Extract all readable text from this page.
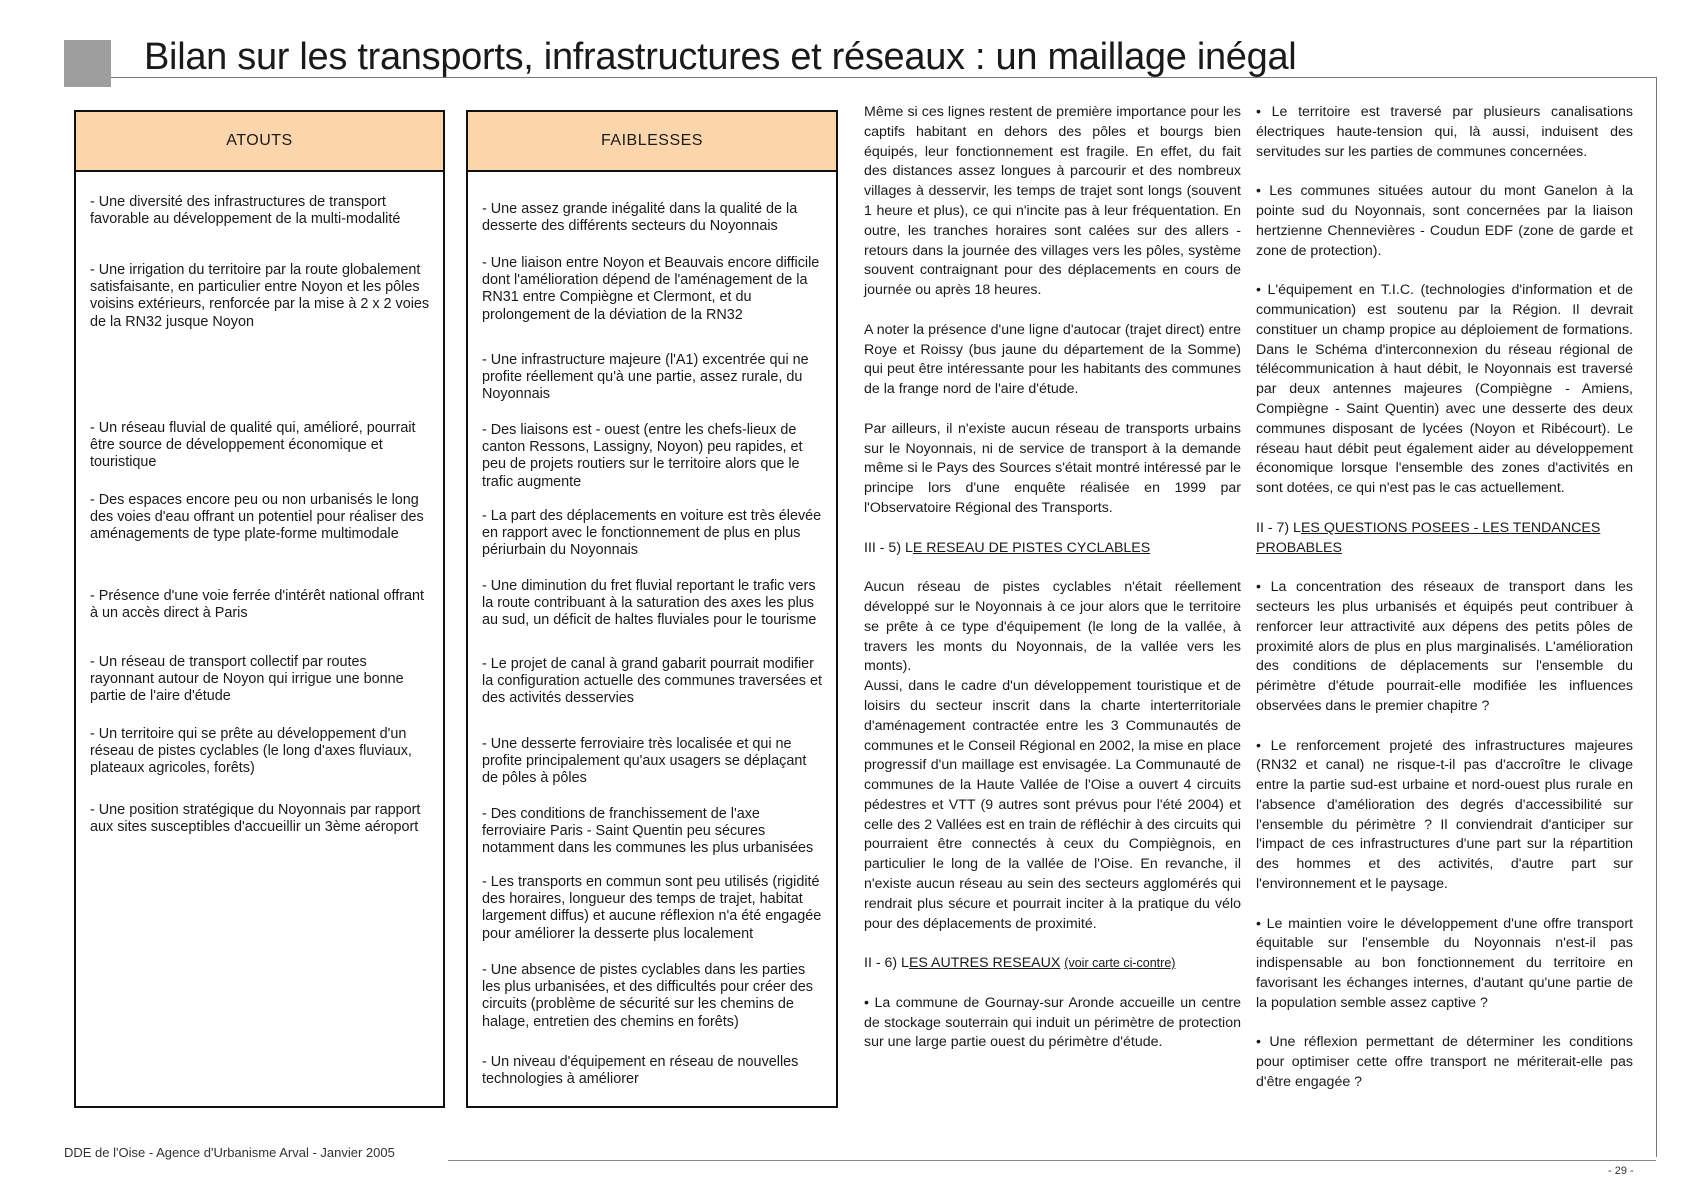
Bilan sur les transports, infrastructures et réseaux : un maillage inégal
ATOUTS

- Une diversité des infrastructures de transport favorable au développement de la multi-modalité

- Une irrigation du territoire par la route globalement satisfaisante, en particulier entre Noyon et les pôles voisins extérieurs, renforcée par la mise à 2 x 2 voies de la RN32 jusque Noyon

- Un réseau fluvial de qualité qui, amélioré, pourrait être source de développement économique et touristique

- Des espaces encore peu ou non urbanisés le long des voies d'eau offrant un potentiel pour réaliser des aménagements de type plate-forme multimodale

- Présence d'une voie ferrée d'intérêt national offrant à un accès direct à Paris

- Un réseau de transport collectif par routes rayonnant autour de Noyon qui irrigue une bonne partie de l'aire d'étude

- Un territoire qui se prête au développement d'un réseau de pistes cyclables (le long d'axes fluviaux, plateaux agricoles, forêts)

- Une position stratégique du Noyonnais par rapport aux sites susceptibles d'accueillir un 3ème aéroport

FAIBLESSES

- Une assez grande inégalité dans la qualité de la desserte des différents secteurs du Noyonnais

- Une liaison entre Noyon et Beauvais encore difficile dont l'amélioration dépend de l'aménagement de la RN31 entre Compiègne et Clermont, et du prolongement de la déviation de la RN32

- Une infrastructure majeure (l'A1) excentrée qui ne profite réellement qu'à une partie, assez rurale, du Noyonnais

- Des liaisons est - ouest (entre les chefs-lieux de canton Ressons, Lassigny, Noyon) peu rapides, et peu de projets routiers sur le territoire alors que le trafic augmente

- La part des déplacements en voiture est très élevée en rapport avec le fonctionnement de plus en plus périurbain du Noyonnais

- Une diminution du fret fluvial reportant le trafic vers la route contribuant à la saturation des axes les plus au sud, un déficit de haltes fluviales pour le tourisme

- Le projet de canal à grand gabarit pourrait modifier la configuration actuelle des communes traversées et des activités desservies

- Une desserte ferroviaire très localisée et qui ne profite principalement qu'aux usagers se déplaçant de pôles à pôles

- Des conditions de franchissement de l'axe ferroviaire Paris - Saint Quentin peu sécures notamment dans les communes les plus urbanisées

- Les transports en commun sont peu utilisés (rigidité des horaires, longueur des temps de trajet, habitat largement diffus) et aucune réflexion n'a été engagée pour améliorer la desserte plus localement

- Une absence de pistes cyclables dans les parties les plus urbanisées, et des difficultés pour créer des circuits (problème de sécurité sur les chemins de halage, entretien des chemins en forêts)

- Un niveau d'équipement en réseau de nouvelles technologies à améliorer

Même si ces lignes restent de première importance pour les captifs habitant en dehors des pôles et bourgs bien équipés, leur fonctionnement est fragile. En effet, du fait des distances assez longues à parcourir et des nombreux villages à desservir, les temps de trajet sont longs (souvent 1 heure et plus), ce qui n'incite pas à leur fréquentation. En outre, les tranches horaires sont calées sur des allers - retours dans la journée des villages vers les pôles, système souvent contraignant pour des déplacements en cours de journée ou après 18 heures.

A noter la présence d'une ligne d'autocar (trajet direct) entre Roye et Roissy (bus jaune du département de la Somme) qui peut être intéressante pour les habitants des communes de la frange nord de l'aire d'étude.

Par ailleurs, il n'existe aucun réseau de transports urbains sur le Noyonnais, ni de service de transport à la demande même si le Pays des Sources s'était montré intéressé par le principe lors d'une enquête réalisée en 1999 par l'Observatoire Régional des Transports.

III - 5) LE RESEAU DE PISTES CYCLABLES

Aucun réseau de pistes cyclables n'était réellement développé sur le Noyonnais à ce jour alors que le territoire se prête à ce type d'équipement (le long de la vallée, à travers les monts du Noyonnais, de la vallée vers les monts).

Aussi, dans le cadre d'un développement touristique et de loisirs du secteur inscrit dans la charte interterritoriale d'aménagement contractée entre les 3 Communautés de communes et le Conseil Régional en 2002, la mise en place progressif d'un maillage est envisagée. La Communauté de communes de la Haute Vallée de l'Oise a ouvert 4 circuits pédestres et VTT (9 autres sont prévus pour l'été 2004) et celle des 2 Vallées est en train de réfléchir à des circuits qui pourraient être connectés à ceux du Compiègnois, en particulier le long de la vallée de l'Oise. En revanche, il n'existe aucun réseau au sein des secteurs agglomérés qui rendrait plus sécure et pourrait inciter à la pratique du vélo pour des déplacements de proximité.

II - 6) LES AUTRES RESEAUX (voir carte ci-contre)

• La commune de Gournay-sur Aronde accueille un centre de stockage souterrain qui induit un périmètre de protection sur une large partie ouest du périmètre d'étude.

• Le territoire est traversé par plusieurs canalisations électriques haute-tension qui, là aussi, induisent des servitudes sur les parties de communes concernées.

• Les communes situées autour du mont Ganelon à la pointe sud du Noyonnais, sont concernées par la liaison hertzienne Chennevières - Coudun EDF (zone de garde et zone de protection).

• L'équipement en T.I.C. (technologies d'information et de communication) est soutenu par la Région. Il devrait constituer un champ propice au déploiement de formations. Dans le Schéma d'interconnexion du réseau régional de télécommunication à haut débit, le Noyonnais est traversé par deux antennes majeures (Compiègne - Amiens, Compiègne - Saint Quentin) avec une desserte des deux communes disposant de lycées (Noyon et Ribécourt). Le réseau haut débit peut également aider au développement économique lorsque l'ensemble des zones d'activités en sont dotées, ce qui n'est pas le cas actuellement.

II - 7) LES QUESTIONS POSEES - LES TENDANCES PROBABLES

• La concentration des réseaux de transport dans les secteurs les plus urbanisés et équipés peut contribuer à renforcer leur attractivité aux dépens des petits pôles de proximité alors de plus en plus marginalisés. L'amélioration des conditions de déplacements sur l'ensemble du périmètre d'étude pourrait-elle modifiée les influences observées dans le premier chapitre ?

• Le renforcement projeté des infrastructures majeures (RN32 et canal) ne risque-t-il pas d'accroître le clivage entre la partie sud-est urbaine et nord-ouest plus rurale en l'absence d'amélioration des degrés d'accessibilité sur l'ensemble du périmètre ? Il conviendrait d'anticiper sur l'impact de ces infrastructures d'une part sur la répartition des hommes et des activités, d'autre part sur l'environnement et le paysage.

• Le maintien voire le développement d'une offre transport équitable sur l'ensemble du Noyonnais n'est-il pas indispensable au bon fonctionnement du territoire en favorisant les échanges internes, d'autant qu'une partie de la population semble assez captive ?

• Une réflexion permettant de déterminer les conditions pour optimiser cette offre transport ne mériterait-elle pas d'être engagée ?

DDE de l'Oise - Agence d'Urbanisme Arval - Janvier 2005
- 29 -
